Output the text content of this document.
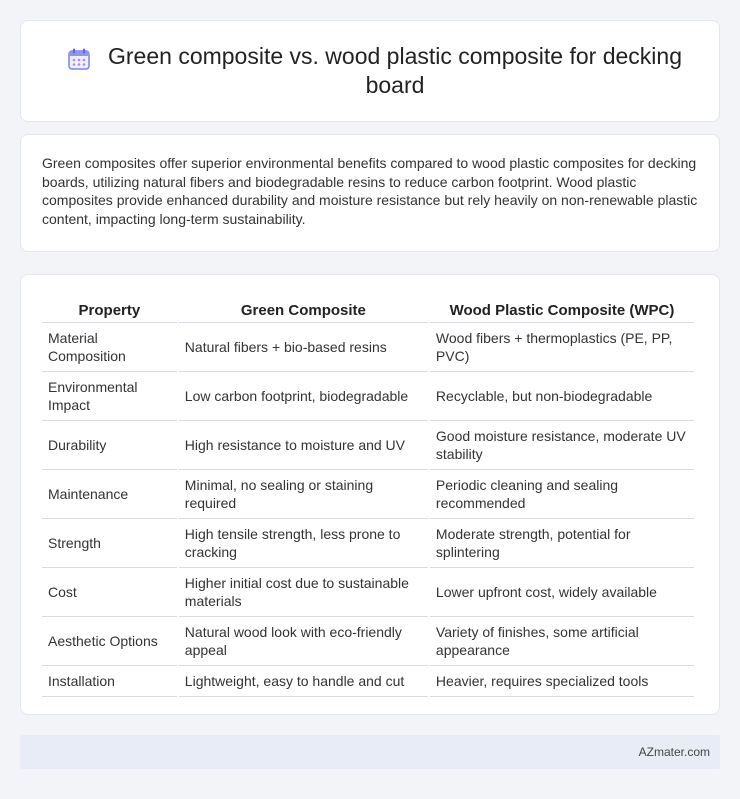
Green composite vs. wood plastic composite for decking board

Green composites offer superior environmental benefits compared to wood plastic composites for decking boards, utilizing natural fibers and biodegradable resins to reduce carbon footprint. Wood plastic composites provide enhanced durability and moisture resistance but rely heavily on non-renewable plastic content, impacting long-term sustainability.

Property	Green Composite	Wood Plastic Composite (WPC)
Material Composition	Natural fibers + bio-based resins	Wood fibers + thermoplastics (PE, PP, PVC)
Environmental Impact	Low carbon footprint, biodegradable	Recyclable, but non-biodegradable
Durability	High resistance to moisture and UV	Good moisture resistance, moderate UV stability
Maintenance	Minimal, no sealing or staining required	Periodic cleaning and sealing recommended
Strength	High tensile strength, less prone to cracking	Moderate strength, potential for splintering
Cost	Higher initial cost due to sustainable materials	Lower upfront cost, widely available
Aesthetic Options	Natural wood look with eco-friendly appeal	Variety of finishes, some artificial appearance
Installation	Lightweight, easy to handle and cut	Heavier, requires specialized tools
AZmater.com
